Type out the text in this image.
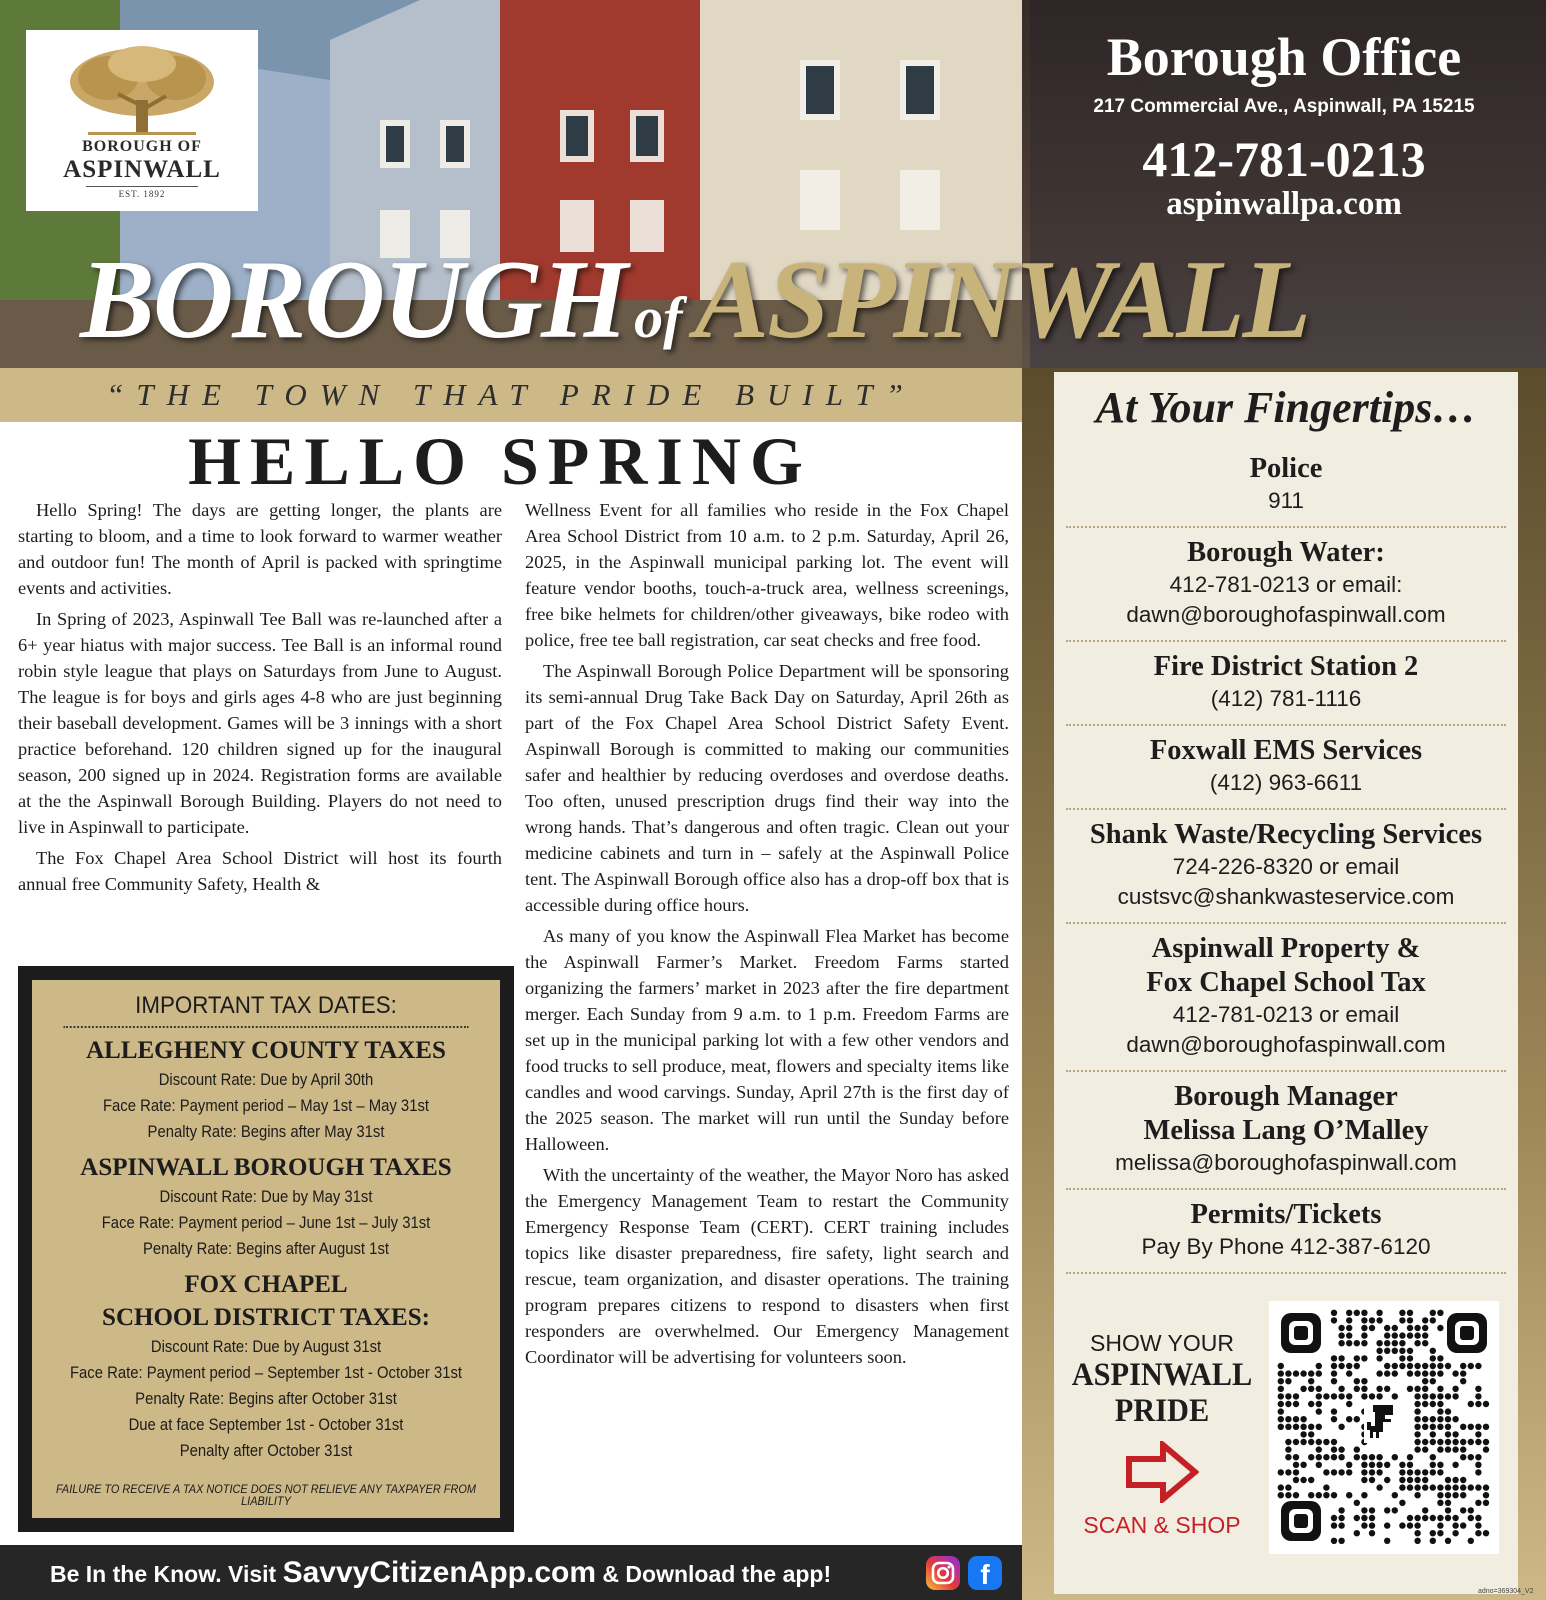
BOROUGH OF
ASPINWALL
EST. 1892
Borough Office
217 Commercial Ave., Aspinwall, PA 15215
412-781-0213
aspinwallpa.com
BOROUGH of ASPINWALL
“THE TOWN THAT PRIDE BUILT”
HELLO SPRING

Hello Spring! The days are getting longer, the plants are starting to bloom, and a time to look forward to warmer weather and outdoor fun! The month of April is packed with springtime events and activities.

In Spring of 2023, Aspinwall Tee Ball was re-launched after a 6+ year hiatus with major success. Tee Ball is an informal round robin style league that plays on Saturdays from June to August. The league is for boys and girls ages 4-8 who are just beginning their baseball development. Games will be 3 innings with a short practice beforehand. 120 children signed up for the inaugural season, 200 signed up in 2024. Registration forms are available at the the Aspinwall Borough Building. Players do not need to live in Aspinwall to participate.

The Fox Chapel Area School District will host its fourth annual free Community Safety, Health &

Wellness Event for all families who reside in the Fox Chapel Area School District from 10 a.m. to 2 p.m. Saturday, April 26, 2025, in the Aspinwall municipal parking lot. The event will feature vendor booths, touch-a-truck area, wellness screenings, free bike helmets for children/other giveaways, bike rodeo with police, free tee ball registration, car seat checks and free food.

The Aspinwall Borough Police Department will be sponsoring its semi-annual Drug Take Back Day on Saturday, April 26th as part of the Fox Chapel Area School District Safety Event. Aspinwall Borough is committed to making our communities safer and healthier by reducing overdoses and overdose deaths. Too often, unused prescription drugs find their way into the wrong hands. That’s dangerous and often tragic. Clean out your medicine cabinets and turn in – safely at the Aspinwall Police tent. The Aspinwall Borough office also has a drop-off box that is accessible during office hours.

As many of you know the Aspinwall Flea Market has become the Aspinwall Farmer’s Market. Freedom Farms started organizing the farmers’ market in 2023 after the fire department merger. Each Sunday from 9 a.m. to 1 p.m. Freedom Farms are set up in the municipal parking lot with a few other vendors and food trucks to sell produce, meat, flowers and specialty items like candles and wood carvings. Sunday, April 27th is the first day of the 2025 season. The market will run until the Sunday before Halloween.

With the uncertainty of the weather, the Mayor Noro has asked the Emergency Management Team to restart the Community Emergency Response Team (CERT). CERT training includes topics like disaster preparedness, fire safety, light search and rescue, team organization, and disaster operations. The training program prepares citizens to respond to disasters when first responders are overwhelmed. Our Emergency Management Coordinator will be advertising for volunteers soon.

IMPORTANT TAX DATES:
ALLEGHENY COUNTY TAXES
Discount Rate: Due by April 30th
Face Rate: Payment period – May 1st – May 31st
Penalty Rate: Begins after May 31st
ASPINWALL BOROUGH TAXES
Discount Rate: Due by May 31st
Face Rate: Payment period – June 1st – July 31st
Penalty Rate: Begins after August 1st
FOX CHAPEL
SCHOOL DISTRICT TAXES:
Discount Rate: Due by August 31st
Face Rate: Payment period – September 1st - October 31st
Penalty Rate: Begins after October 31st
Due at face September 1st - October 31st
Penalty after October 31st
FAILURE TO RECEIVE A TAX NOTICE DOES NOT RELIEVE ANY TAXPAYER FROM LIABILITY
At Your Fingertips…
Police
911
Borough Water:
412-781-0213 or email:
dawn@boroughofaspinwall.com
Fire District Station 2
(412) 781-1116
Foxwall EMS Services
(412) 963-6611
Shank Waste/Recycling Services
724-226-8320 or email
custsvc@shankwasteservice.com
Aspinwall Property &
Fox Chapel School Tax
412-781-0213 or email
dawn@boroughofaspinwall.com
Borough Manager
Melissa Lang O’Malley
melissa@boroughofaspinwall.com
Permits/Tickets
Pay By Phone 412-387-6120
SHOW YOUR
ASPINWALL
PRIDE
SCAN & SHOP
adno=369304_V2
Be In the Know. Visit SavvyCitizenApp.com & Download the app!	f
